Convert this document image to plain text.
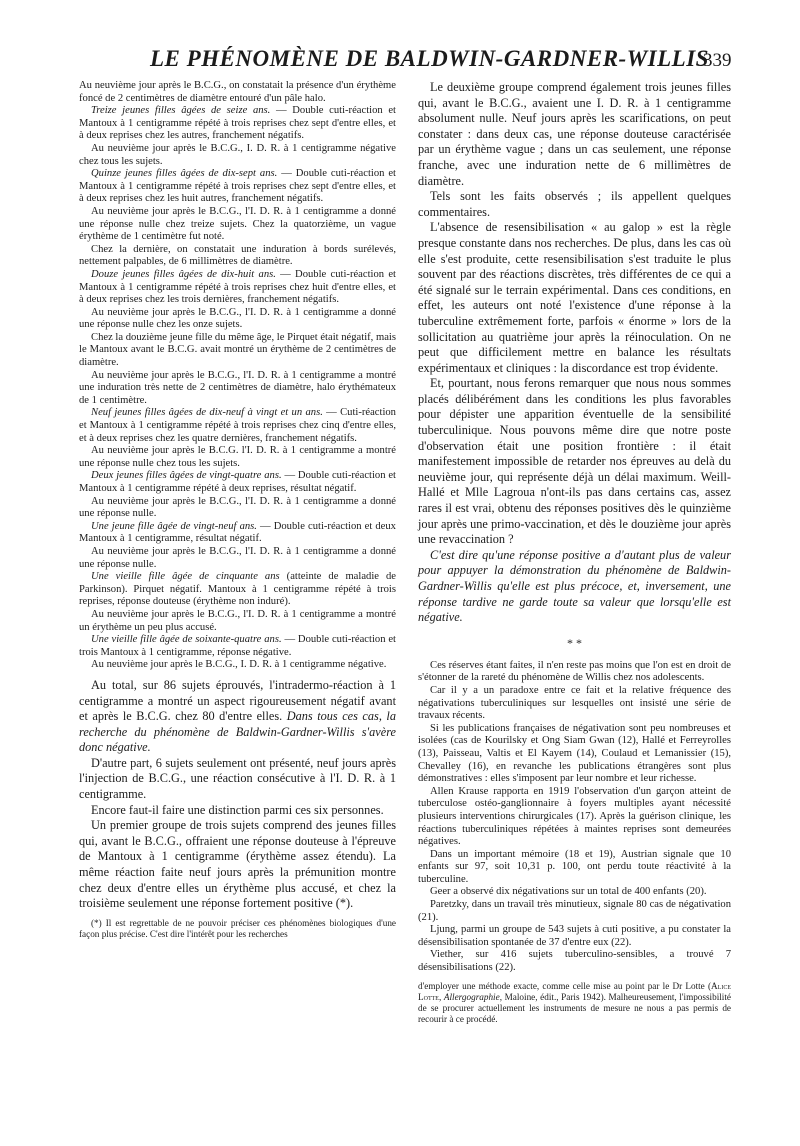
LE PHÉNOMÈNE DE BALDWIN-GARDNER-WILLIS
339

Au neuvième jour après le B.C.G., on constatait la présence d'un érythème foncé de 2 centimètres de diamètre entouré d'un pâle halo.

Treize jeunes filles âgées de seize ans. — Double cuti-réaction et Mantoux à 1 centigramme répété à trois reprises chez sept d'entre elles, et à deux reprises chez les autres, franchement négatifs.

Au neuvième jour après le B.C.G., I. D. R. à 1 centigramme négative chez tous les sujets.

Quinze jeunes filles âgées de dix-sept ans. — Double cuti-réaction et Mantoux à 1 centigramme répété à trois reprises chez sept d'entre elles, et à deux reprises chez les huit autres, franchement négatifs.

Au neuvième jour après le B.C.G., l'I. D. R. à 1 centigramme a donné une réponse nulle chez treize sujets. Chez la quatorzième, un vague érythème de 1 centimètre fut noté.

Chez la dernière, on constatait une induration à bords surélevés, nettement palpables, de 6 millimètres de diamètre.

Douze jeunes filles âgées de dix-huit ans. — Double cuti-réaction et Mantoux à 1 centigramme répété à trois reprises chez huit d'entre elles, et à deux reprises chez les trois dernières, franchement négatifs.

Au neuvième jour après le B.C.G., l'I. D. R. à 1 centigramme a donné une réponse nulle chez les onze sujets.

Chez la douzième jeune fille du même âge, le Pirquet était négatif, mais le Mantoux avant le B.C.G. avait montré un érythème de 2 centimètres de diamètre.

Au neuvième jour après le B.C.G., l'I. D. R. à 1 centigramme a montré une induration très nette de 2 centimètres de diamètre, halo érythémateux de 1 centimètre.

Neuf jeunes filles âgées de dix-neuf à vingt et un ans. — Cuti-réaction et Mantoux à 1 centigramme répété à trois reprises chez cinq d'entre elles, et à deux reprises chez les quatre dernières, franchement négatifs.

Au neuvième jour après le B.C.G. l'I. D. R. à 1 centigramme a montré une réponse nulle chez tous les sujets.

Deux jeunes filles âgées de vingt-quatre ans. — Double cuti-réaction et Mantoux à 1 centigramme répété à deux reprises, résultat négatif.

Au neuvième jour après le B.C.G., l'I. D. R. à 1 centigramme a donné une réponse nulle.

Une jeune fille âgée de vingt-neuf ans. — Double cuti-réaction et deux Mantoux à 1 centigramme, résultat négatif.

Au neuvième jour après le B.C.G., l'I. D. R. à 1 centigramme a donné une réponse nulle.

Une vieille fille âgée de cinquante ans (atteinte de maladie de Parkinson). Pirquet négatif. Mantoux à 1 centigramme répété à trois reprises, réponse douteuse (érythème non induré).

Au neuvième jour après le B.C.G., l'I. D. R. à 1 centigramme a montré un érythème un peu plus accusé.

Une vieille fille âgée de soixante-quatre ans. — Double cuti-réaction et trois Mantoux à 1 centigramme, réponse négative.

Au neuvième jour après le B.C.G., I. D. R. à 1 centigramme négative.

Au total, sur 86 sujets éprouvés, l'intradermo-réaction à 1 centigramme a montré un aspect rigoureusement négatif avant et après le B.C.G. chez 80 d'entre elles. Dans tous ces cas, la recherche du phénomène de Baldwin-Gardner-Willis s'avère donc négative.

D'autre part, 6 sujets seulement ont présenté, neuf jours après l'injection de B.C.G., une réaction consécutive à l'I. D. R. à 1 centigramme.

Encore faut-il faire une distinction parmi ces six personnes.

Un premier groupe de trois sujets comprend des jeunes filles qui, avant le B.C.G., offraient une réponse douteuse à l'épreuve de Mantoux à 1 centigramme (érythème assez étendu). La même réaction faite neuf jours après la prémunition montre chez deux d'entre elles un érythème plus accusé, et chez la troisième seulement une réponse fortement positive (*).

(*) Il est regrettable de ne pouvoir préciser ces phénomènes biologiques d'une façon plus précise. C'est dire l'intérêt pour les recherches

Le deuxième groupe comprend également trois jeunes filles qui, avant le B.C.G., avaient une I. D. R. à 1 centigramme absolument nulle. Neuf jours après les scarifications, on peut constater : dans deux cas, une réponse douteuse caractérisée par un érythème vague ; dans un cas seulement, une réponse franche, avec une induration nette de 6 millimètres de diamètre.

Tels sont les faits observés ; ils appellent quelques commentaires.

L'absence de resensibilisation « au galop » est la règle presque constante dans nos recherches. De plus, dans les cas où elle s'est produite, cette resensibilisation s'est traduite le plus souvent par des réactions discrètes, très différentes de ce qui a été signalé sur le terrain expérimental. Dans ces conditions, en effet, les auteurs ont noté l'existence d'une réponse à la tuberculine extrêmement forte, parfois « énorme » lors de la sollicitation au quatrième jour après la réinoculation. On ne peut que difficilement mettre en balance les résultats expérimentaux et cliniques : la discordance est trop évidente.

Et, pourtant, nous ferons remarquer que nous nous sommes placés délibérément dans les conditions les plus favorables pour dépister une apparition éventuelle de la sensibilité tuberculinique. Nous pouvons même dire que notre poste d'observation était une position frontière : il était manifestement impossible de retarder nos épreuves au delà du neuvième jour, qui représente déjà un délai maximum. Weill-Hallé et Mlle Lagroua n'ont-ils pas dans certains cas, assez rares il est vrai, obtenu des réponses positives dès le quinzième jour après une primo-vaccination, et dès le douzième jour après une revaccination ?

C'est dire qu'une réponse positive a d'autant plus de valeur pour appuyer la démonstration du phénomène de Baldwin-Gardner-Willis qu'elle est plus précoce, et, inversement, une réponse tardive ne garde toute sa valeur que lorsqu'elle est négative.

* *

Ces réserves étant faites, il n'en reste pas moins que l'on est en droit de s'étonner de la rareté du phénomène de Willis chez nos adolescents.

Car il y a un paradoxe entre ce fait et la relative fréquence des négativations tuberculiniques sur lesquelles ont insisté une série de travaux récents.

Si les publications françaises de négativation sont peu nombreuses et isolées (cas de Kourilsky et Ong Siam Gwan (12), Hallé et Ferreyrolles (13), Paisseau, Valtis et El Kayem (14), Coulaud et Lemanissier (15), Chevalley (16), en revanche les publications étrangères sont plus démonstratives : elles s'imposent par leur nombre et leur richesse.

Allen Krause rapporta en 1919 l'observation d'un garçon atteint de tuberculose ostéo-ganglionnaire à foyers multiples ayant nécessité plusieurs interventions chirurgicales (17). Après la guérison clinique, les réactions tuberculiniques répétées à maintes reprises sont demeurées négatives.

Dans un important mémoire (18 et 19), Austrian signale que 10 enfants sur 97, soit 10,31 p. 100, ont perdu toute réactivité à la tuberculine.

Geer a observé dix négativations sur un total de 400 enfants (20).

Paretzky, dans un travail très minutieux, signale 80 cas de négativation (21).

Ljung, parmi un groupe de 543 sujets à cuti positive, a pu constater la désensibilisation spontanée de 37 d'entre eux (22).

Viether, sur 416 sujets tuberculino-sensibles, a trouvé 7 désensibilisations (22).

d'employer une méthode exacte, comme celle mise au point par le Dr Lotte (Alice Lotte, Allergographie, Maloine, édit., Paris 1942). Malheureusement, l'impossibilité de se procurer actuellement les instruments de mesure ne nous a pas permis de recourir à ce procédé.
